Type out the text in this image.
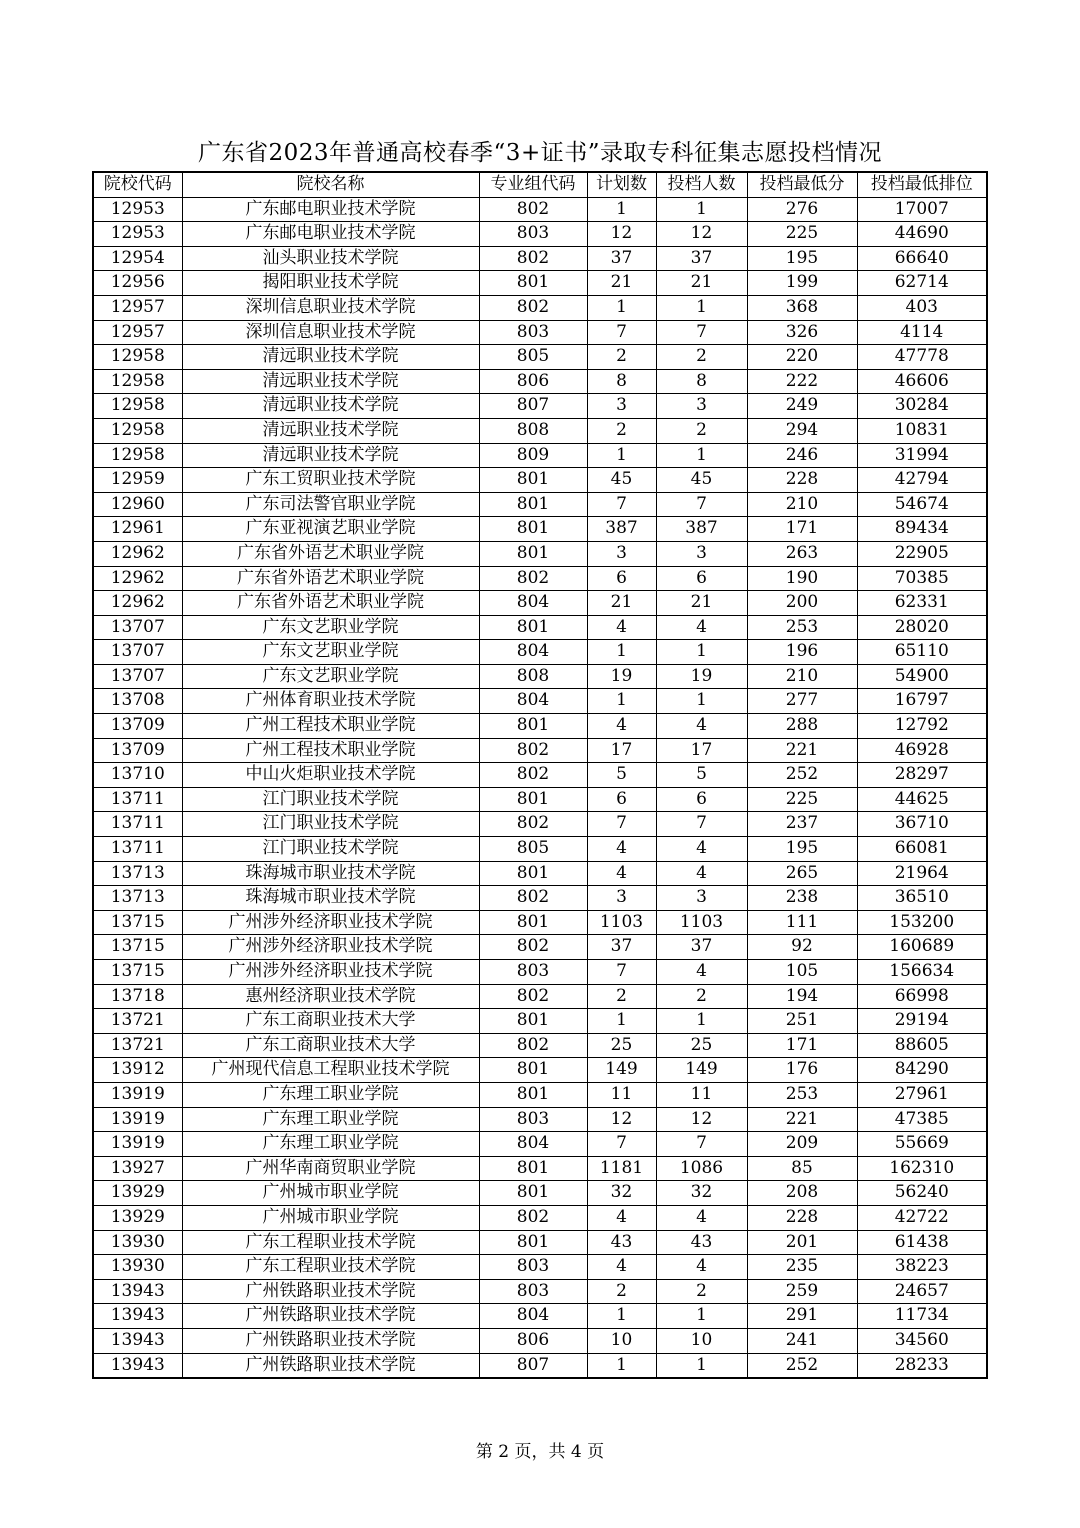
广东省2023年普通高校春季“3+证书”录取专科征集志愿投档情况
院校代码	院校名称	专业组代码	计划数	投档人数	投档最低分	投档最低排位
12953	广东邮电职业技术学院	802	1	1	276	17007
12953	广东邮电职业技术学院	803	12	12	225	44690
12954	汕头职业技术学院	802	37	37	195	66640
12956	揭阳职业技术学院	801	21	21	199	62714
12957	深圳信息职业技术学院	802	1	1	368	403
12957	深圳信息职业技术学院	803	7	7	326	4114
12958	清远职业技术学院	805	2	2	220	47778
12958	清远职业技术学院	806	8	8	222	46606
12958	清远职业技术学院	807	3	3	249	30284
12958	清远职业技术学院	808	2	2	294	10831
12958	清远职业技术学院	809	1	1	246	31994
12959	广东工贸职业技术学院	801	45	45	228	42794
12960	广东司法警官职业学院	801	7	7	210	54674
12961	广东亚视演艺职业学院	801	387	387	171	89434
12962	广东省外语艺术职业学院	801	3	3	263	22905
12962	广东省外语艺术职业学院	802	6	6	190	70385
12962	广东省外语艺术职业学院	804	21	21	200	62331
13707	广东文艺职业学院	801	4	4	253	28020
13707	广东文艺职业学院	804	1	1	196	65110
13707	广东文艺职业学院	808	19	19	210	54900
13708	广州体育职业技术学院	804	1	1	277	16797
13709	广州工程技术职业学院	801	4	4	288	12792
13709	广州工程技术职业学院	802	17	17	221	46928
13710	中山火炬职业技术学院	802	5	5	252	28297
13711	江门职业技术学院	801	6	6	225	44625
13711	江门职业技术学院	802	7	7	237	36710
13711	江门职业技术学院	805	4	4	195	66081
13713	珠海城市职业技术学院	801	4	4	265	21964
13713	珠海城市职业技术学院	802	3	3	238	36510
13715	广州涉外经济职业技术学院	801	1103	1103	111	153200
13715	广州涉外经济职业技术学院	802	37	37	92	160689
13715	广州涉外经济职业技术学院	803	7	4	105	156634
13718	惠州经济职业技术学院	802	2	2	194	66998
13721	广东工商职业技术大学	801	1	1	251	29194
13721	广东工商职业技术大学	802	25	25	171	88605
13912	广州现代信息工程职业技术学院	801	149	149	176	84290
13919	广东理工职业学院	801	11	11	253	27961
13919	广东理工职业学院	803	12	12	221	47385
13919	广东理工职业学院	804	7	7	209	55669
13927	广州华南商贸职业学院	801	1181	1086	85	162310
13929	广州城市职业学院	801	32	32	208	56240
13929	广州城市职业学院	802	4	4	228	42722
13930	广东工程职业技术学院	801	43	43	201	61438
13930	广东工程职业技术学院	803	4	4	235	38223
13943	广州铁路职业技术学院	803	2	2	259	24657
13943	广州铁路职业技术学院	804	1	1	291	11734
13943	广州铁路职业技术学院	806	10	10	241	34560
13943	广州铁路职业技术学院	807	1	1	252	28233
第 2 页，共 4 页
